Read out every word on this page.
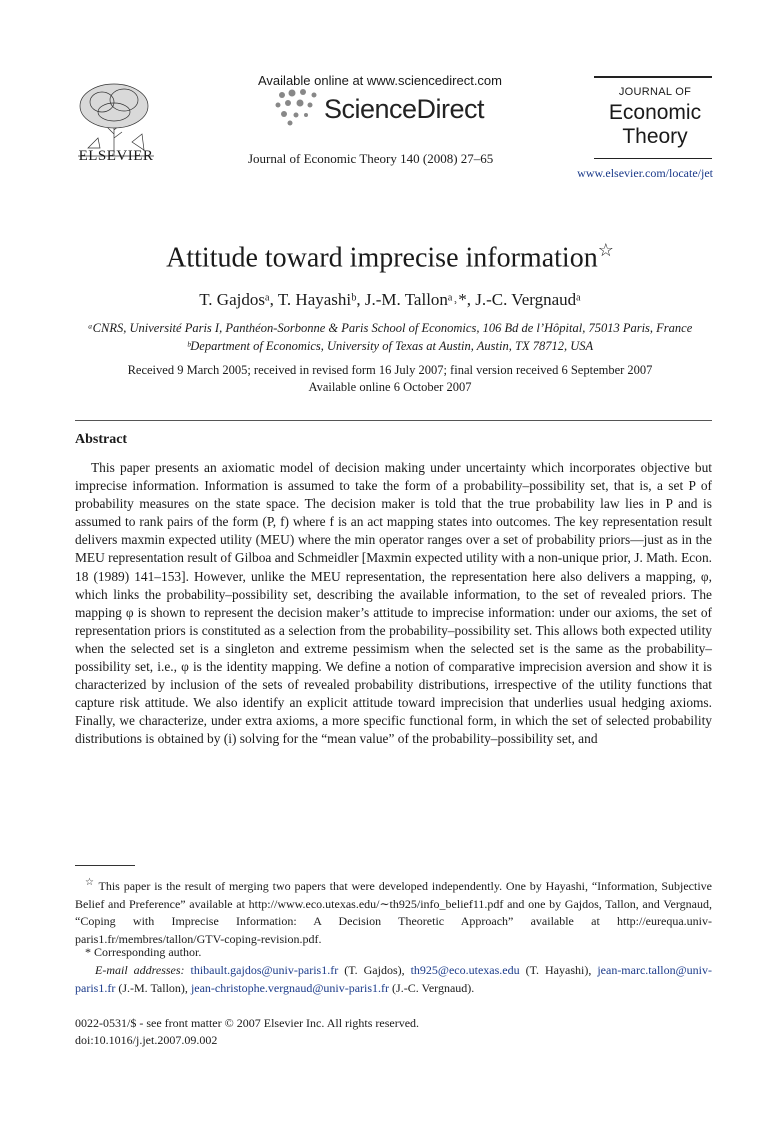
ELSEVIER
Available online at www.sciencedirect.com
ScienceDirect
Journal of Economic Theory 140 (2008) 27–65
JOURNAL OF
Economic
Theory
www.elsevier.com/locate/jet
Attitude toward imprecise information☆
T. Gajdosᵃ, T. Hayashiᵇ, J.-M. Tallonᵃ˒*, J.-C. Vergnaudᵃ
ᵃCNRS, Université Paris I, Panthéon-Sorbonne & Paris School of Economics, 106 Bd de l’Hôpital, 75013 Paris, France
ᵇDepartment of Economics, University of Texas at Austin, Austin, TX 78712, USA
Received 9 March 2005; received in revised form 16 July 2007; final version received 6 September 2007
Available online 6 October 2007
Abstract
This paper presents an axiomatic model of decision making under uncertainty which incorporates objective but imprecise information. Information is assumed to take the form of a probability–possibility set, that is, a set P of probability measures on the state space. The decision maker is told that the true probability law lies in P and is assumed to rank pairs of the form (P, f) where f is an act mapping states into outcomes. The key representation result delivers maxmin expected utility (MEU) where the min operator ranges over a set of probability priors—just as in the MEU representation result of Gilboa and Schmeidler [Maxmin expected utility with a non-unique prior, J. Math. Econ. 18 (1989) 141–153]. However, unlike the MEU representation, the representation here also delivers a mapping, φ, which links the probability–possibility set, describing the available information, to the set of revealed priors. The mapping φ is shown to represent the decision maker’s attitude to imprecise information: under our axioms, the set of representation priors is constituted as a selection from the probability–possibility set. This allows both expected utility when the selected set is a singleton and extreme pessimism when the selected set is the same as the probability–possibility set, i.e., φ is the identity mapping. We define a notion of comparative imprecision aversion and show it is characterized by inclusion of the sets of revealed probability distributions, irrespective of the utility functions that capture risk attitude. We also identify an explicit attitude toward imprecision that underlies usual hedging axioms. Finally, we characterize, under extra axioms, a more specific functional form, in which the set of selected probability distributions is obtained by (i) solving for the “mean value” of the probability–possibility set, and
☆ This paper is the result of merging two papers that were developed independently. One by Hayashi, “Information, Subjective Belief and Preference” available at http://www.eco.utexas.edu/∼th925/info_belief11.pdf and one by Gajdos, Tallon, and Vergnaud, “Coping with Imprecise Information: A Decision Theoretic Approach” available at http://eurequa.univ-paris1.fr/membres/tallon/GTV-coping-revision.pdf.
* Corresponding author.
E-mail addresses: thibault.gajdos@univ-paris1.fr (T. Gajdos), th925@eco.utexas.edu (T. Hayashi), jean-marc.tallon@univ-paris1.fr (J.-M. Tallon), jean-christophe.vergnaud@univ-paris1.fr (J.-C. Vergnaud).
0022-0531/$ - see front matter © 2007 Elsevier Inc. All rights reserved.
doi:10.1016/j.jet.2007.09.002
